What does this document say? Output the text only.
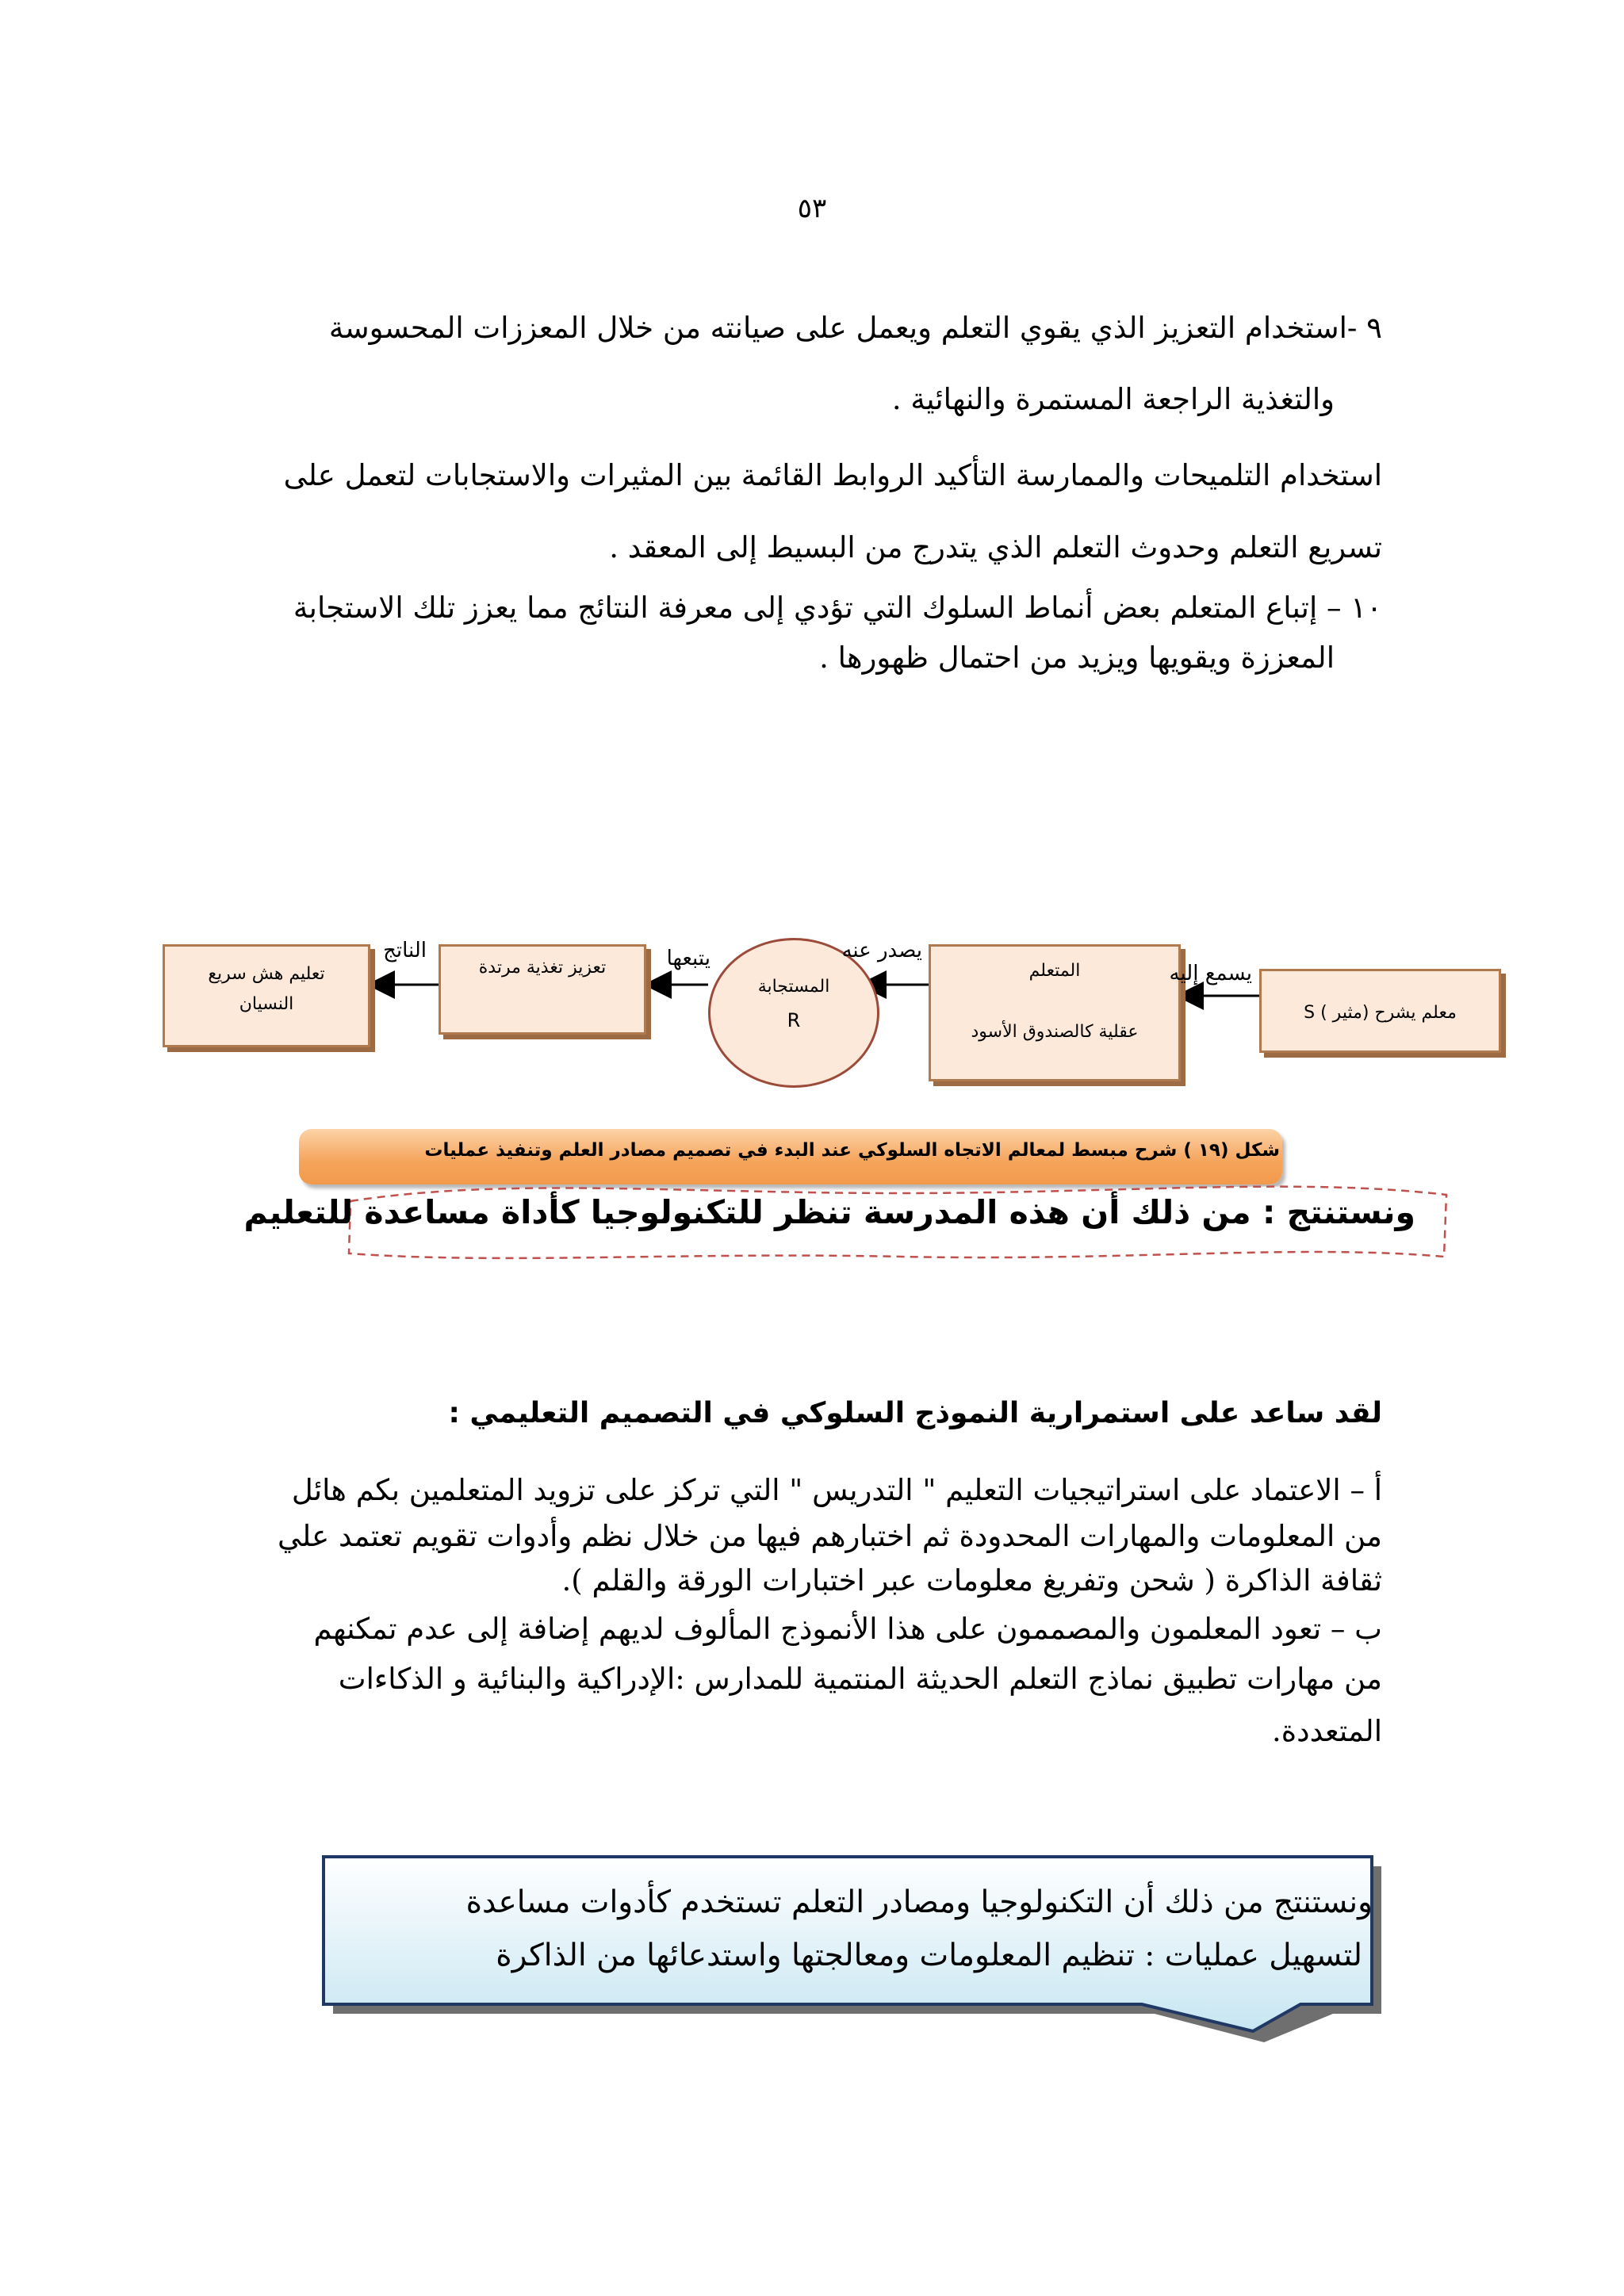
٥٣
٩ -استخدام التعزيز الذي يقوي التعلم ويعمل على صيانته من خلال المعززات المحسوسة
والتغذية الراجعة المستمرة والنهائية .
استخدام التلميحات والممارسة التأكيد الروابط القائمة بين المثيرات والاستجابات لتعمل على
تسريع التعلم وحدوث التعلم الذي يتدرج من البسيط إلى المعقد .
١٠ – إتباع المتعلم بعض أنماط السلوك التي تؤدي إلى معرفة النتائج مما يعزز تلك الاستجابة
المعززة ويقويها ويزيد من احتمال ظهورها .
معلم يشرح (مثير ) S
المتعلم
عقلية كالصندوق الأسود
المستجابة
R
تعزيز تغذية مرتدة
تعليم هش سريع
النسيان
يسمع إليه
يصدر عنه
يتبعها
الناتج
شكل (١٩ ) شرح مبسط لمعالم الاتجاه السلوكي عند البدء في تصميم مصادر العلم وتنفيذ عمليات
ونستنتج : من ذلك أن هذه المدرسة تنظر للتكنولوجيا كأداة مساعدة للتعليم
لقد ساعد على استمرارية النموذج السلوكي في التصميم التعليمي :
أ – الاعتماد على استراتيجيات التعليم " التدريس " التي تركز على تزويد المتعلمين بكم هائل
من المعلومات والمهارات المحدودة ثم اختبارهم فيها من خلال نظم وأدوات تقويم تعتمد علي
ثقافة الذاكرة ( شحن وتفريغ معلومات عبر اختبارات الورقة والقلم ).
ب – تعود المعلمون والمصممون على هذا الأنموذج المألوف لديهم إضافة إلى عدم تمكنهم
من مهارات تطبيق نماذج التعلم الحديثة المنتمية للمدارس :الإدراكية والبنائية و الذكاءات
المتعددة.
ونستنتج من ذلك أن التكنولوجيا ومصادر التعلم تستخدم كأدوات مساعدة
لتسهيل عمليات : تنظيم المعلومات ومعالجتها واستدعائها من الذاكرة
